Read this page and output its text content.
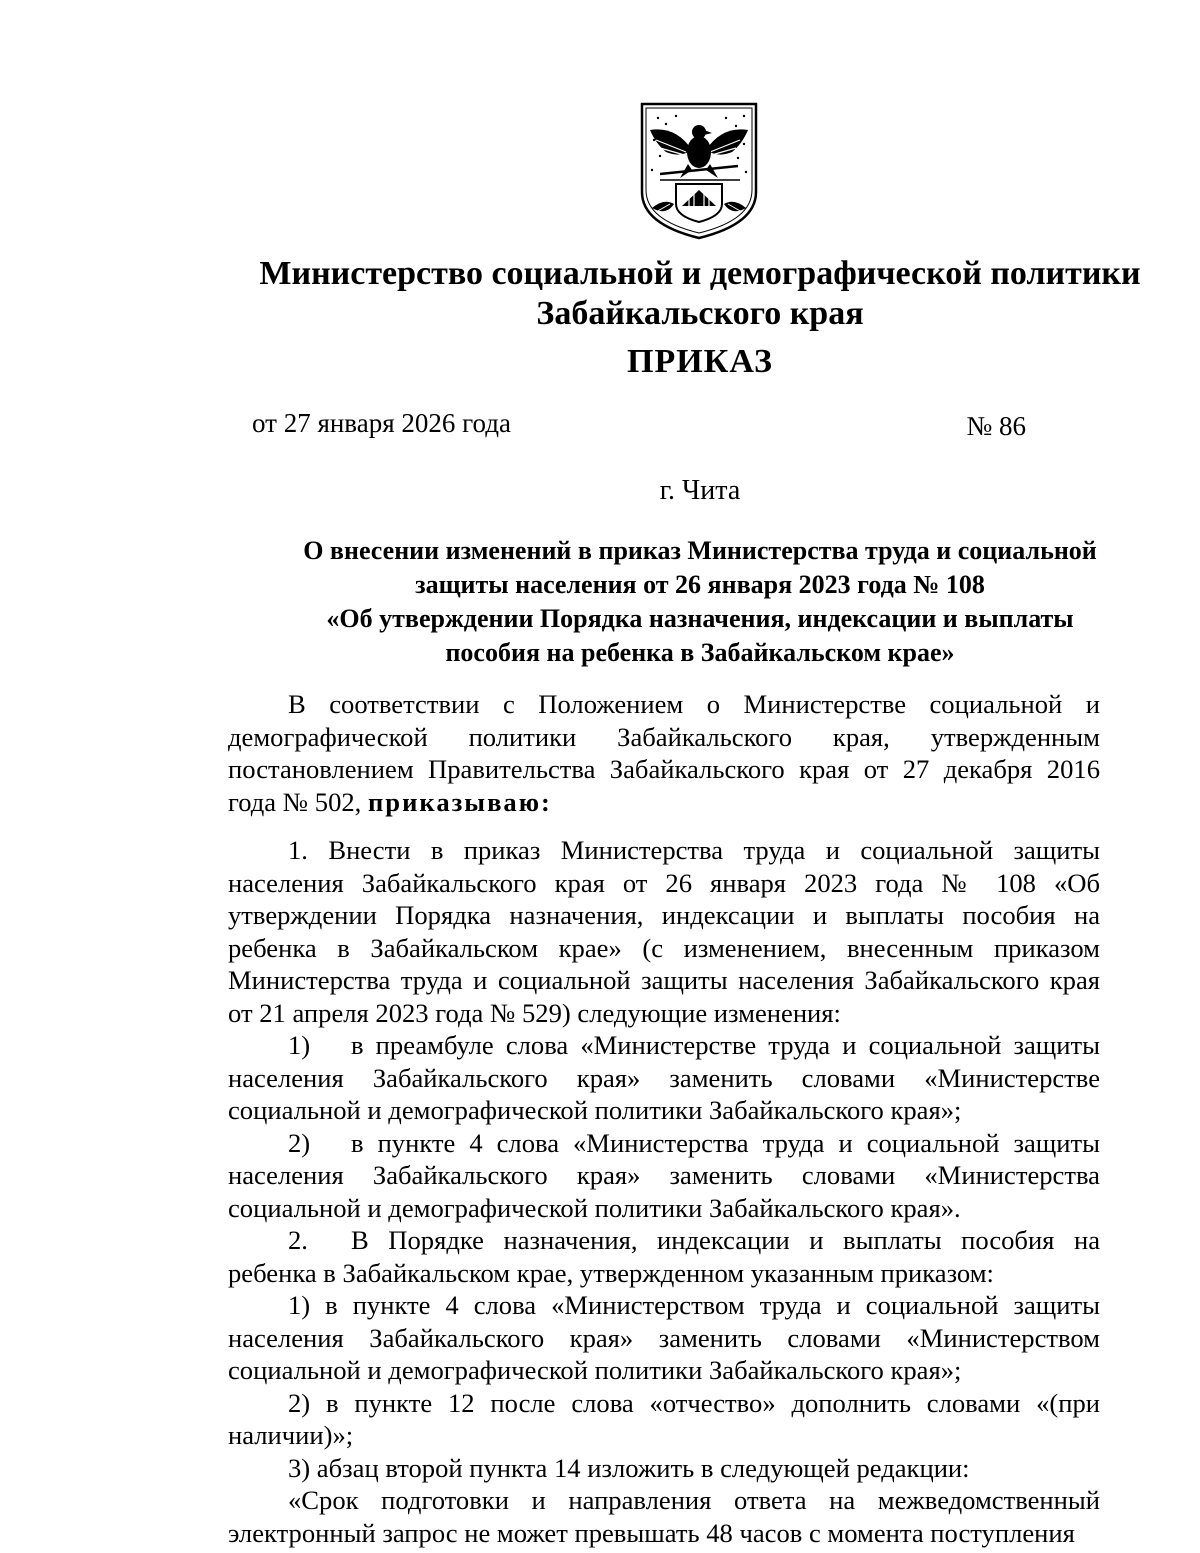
Министерство социальной и демографической политики
Забайкальского края
ПРИКАЗ
от 27 января 2026 года	№ 86
г. Чита
О внесении изменений в приказ Министерства труда и социальной
защиты населения от 26 января 2023 года № 108
«Об утверждении Порядка назначения, индексации и выплаты
пособия на ребенка в Забайкальском крае»

В соответствии с Положением о Министерстве социальной и демографической политики Забайкальского края, утвержденным постановлением Правительства Забайкальского края от 27 декабря 2016 года № 502, приказываю:

1. Внести в приказ Министерства труда и социальной защиты населения Забайкальского края от 26 января 2023 года № 108 «Об утверждении Порядка назначения, индексации и выплаты пособия на ребенка в Забайкальском крае» (с изменением, внесенным приказом Министерства труда и социальной защиты населения Забайкальского края от 21 апреля 2023 года № 529) следующие изменения:

1) в преамбуле слова «Министерстве труда и социальной защиты населения Забайкальского края» заменить словами «Министерстве социальной и демографической политики Забайкальского края»;

2) в пункте 4 слова «Министерства труда и социальной защиты населения Забайкальского края» заменить словами «Министерства социальной и демографической политики Забайкальского края».

2. В Порядке назначения, индексации и выплаты пособия на ребенка в Забайкальском крае, утвержденном указанным приказом:

1) в пункте 4 слова «Министерством труда и социальной защиты населения Забайкальского края» заменить словами «Министерством социальной и демографической политики Забайкальского края»;

2) в пункте 12 после слова «отчество» дополнить словами «(при наличии)»;

3) абзац второй пункта 14 изложить в следующей редакции:

«Срок подготовки и направления ответа на межведомственный электронный запрос не может превышать 48 часов с момента поступления
